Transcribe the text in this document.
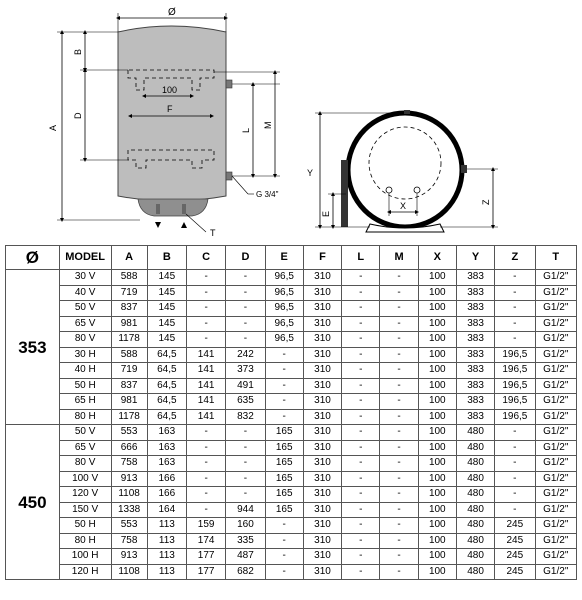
Ø
100
F
A
B
D
L
M
G 3/4"
T
Y
E
X	Z
Ø	MODEL	A	B	C	D	E	F	L	M	X	Y	Z	T
353	30 V	588	145	-	-	96,5	310	-	-	100	383	-	G1/2"
	40 V	719	145	-	-	96,5	310	-	-	100	383	-	G1/2"
	50 V	837	145	-	-	96,5	310	-	-	100	383	-	G1/2"
	65 V	981	145	-	-	96,5	310	-	-	100	383	-	G1/2"
	80 V	1178	145	-	-	96,5	310	-	-	100	383	-	G1/2"
	30 H	588	64,5	141	242	-	310	-	-	100	383	196,5	G1/2"
	40 H	719	64,5	141	373	-	310	-	-	100	383	196,5	G1/2"
	50 H	837	64,5	141	491	-	310	-	-	100	383	196,5	G1/2"
	65 H	981	64,5	141	635	-	310	-	-	100	383	196,5	G1/2"
	80 H	1178	64,5	141	832	-	310	-	-	100	383	196,5	G1/2"
450	50 V	553	163	-	-	165	310	-	-	100	480	-	G1/2"
	65 V	666	163	-	-	165	310	-	-	100	480	-	G1/2"
	80 V	758	163	-	-	165	310	-	-	100	480	-	G1/2"
	100 V	913	166	-	-	165	310	-	-	100	480	-	G1/2"
	120 V	1108	166	-	-	165	310	-	-	100	480	-	G1/2"
	150 V	1338	164	-	944	165	310	-	-	100	480	-	G1/2"
	50 H	553	113	159	160	-	310	-	-	100	480	245	G1/2"
	80 H	758	113	174	335	-	310	-	-	100	480	245	G1/2"
	100 H	913	113	177	487	-	310	-	-	100	480	245	G1/2"
	120 H	1108	113	177	682	-	310	-	-	100	480	245	G1/2"
